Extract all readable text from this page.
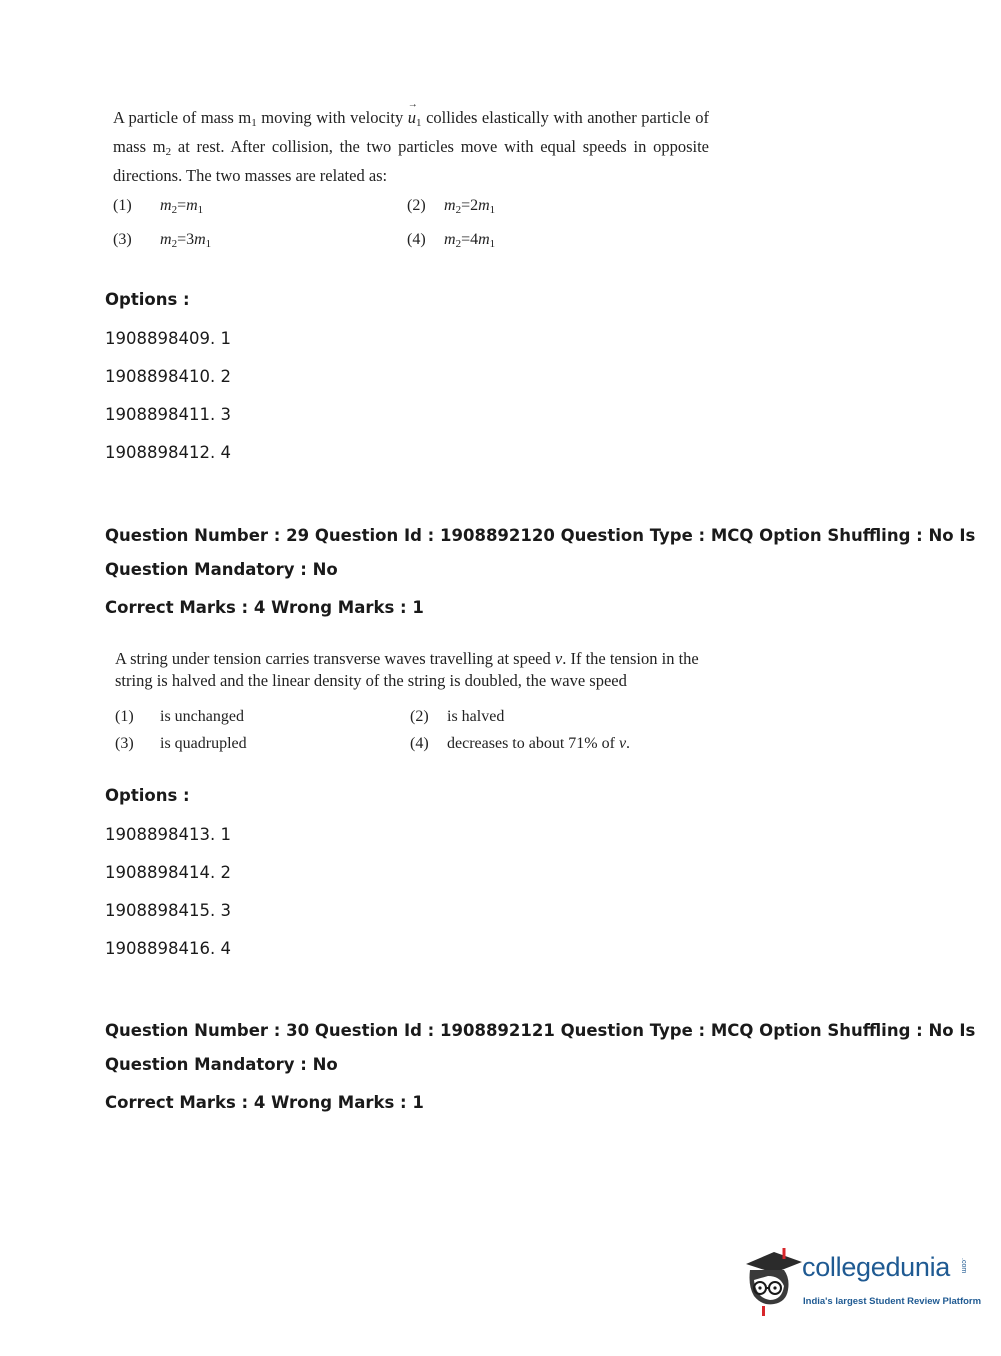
A particle of mass $m_1$ moving with velocity → $u_1$ collides elastically with another particle of mass $m_2$ at rest. After collision, the two particles move with equal speeds in opposite directions. The two masses are related as:
(1) $m_2=m_1$	(2) $m_2=2m_1$
(3) $m_2=3m_1$	(4) $m_2=4m_1$
Options :
1908898409. 1
1908898410. 2
1908898411. 3
1908898412. 4
Question Number : 29 Question Id : 1908892120 Question Type : MCQ Option Shuffling : No Is
Question Mandatory : No
Correct Marks : 4 Wrong Marks : 1
A string under tension carries transverse waves travelling at speed v. If the tension in the
string is halved and the linear density of the string is doubled, the wave speed
(1) is unchanged	(2) is halved
(3) is quadrupled	(4) decreases to about 71% of v.
Options :
1908898413. 1
1908898414. 2
1908898415. 3
1908898416. 4
Question Number : 30 Question Id : 1908892121 Question Type : MCQ Option Shuffling : No Is
Question Mandatory : No
Correct Marks : 4 Wrong Marks : 1
collegedunia .com
India's largest Student Review Platform
